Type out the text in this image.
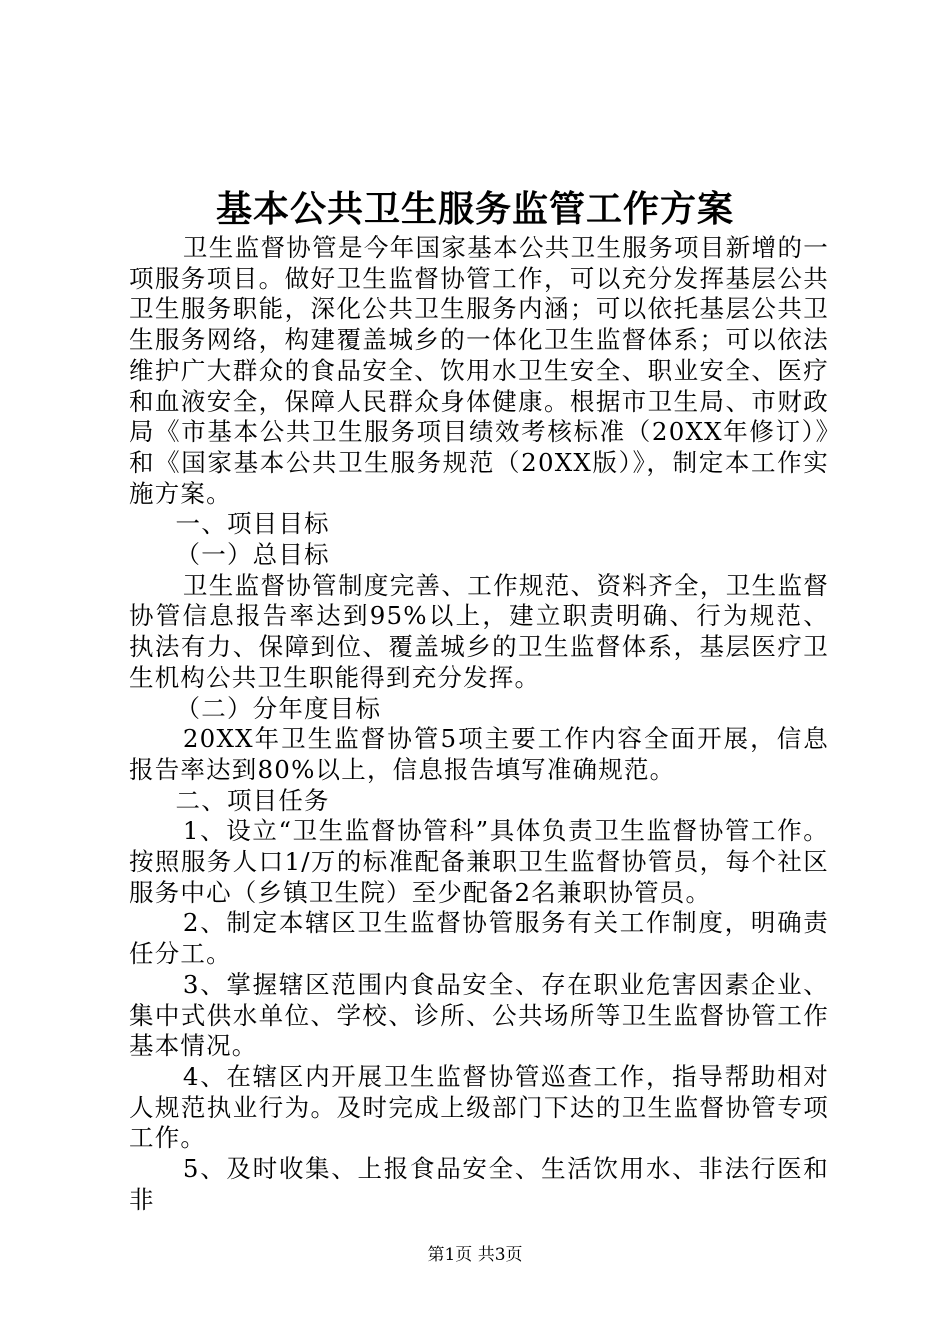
基本公共卫生服务监管工作方案

卫生监督协管是今年国家基本公共卫生服务项目新增的一项服务项目。做好卫生监督协管工作，可以充分发挥基层公共卫生服务职能，深化公共卫生服务内涵；可以依托基层公共卫生服务网络，构建覆盖城乡的一体化卫生监督体系；可以依法维护广大群众的食品安全、饮用水卫生安全、职业安全、医疗和血液安全，保障人民群众身体健康。根据市卫生局、市财政局《市基本公共卫生服务项目绩效考核标准（20XX年修订）》和《国家基本公共卫生服务规范（20XX版）》，制定本工作实施方案。

一、项目目标

（一）总目标

卫生监督协管制度完善、工作规范、资料齐全，卫生监督协管信息报告率达到95%以上，建立职责明确、行为规范、执法有力、保障到位、覆盖城乡的卫生监督体系，基层医疗卫生机构公共卫生职能得到充分发挥。

（二）分年度目标

20XX年卫生监督协管5项主要工作内容全面开展，信息报告率达到80%以上，信息报告填写准确规范。

二、项目任务

1、设立“卫生监督协管科”具体负责卫生监督协管工作。按照服务人口1/万的标准配备兼职卫生监督协管员，每个社区服务中心（乡镇卫生院）至少配备2名兼职协管员。

2、制定本辖区卫生监督协管服务有关工作制度，明确责任分工。

3、掌握辖区范围内食品安全、存在职业危害因素企业、集中式供水单位、学校、诊所、公共场所等卫生监督协管工作基本情况。

4、在辖区内开展卫生监督协管巡查工作，指导帮助相对人规范执业行为。及时完成上级部门下达的卫生监督协管专项工作。

5、及时收集、上报食品安全、生活饮用水、非法行医和非

第1页 共3页
